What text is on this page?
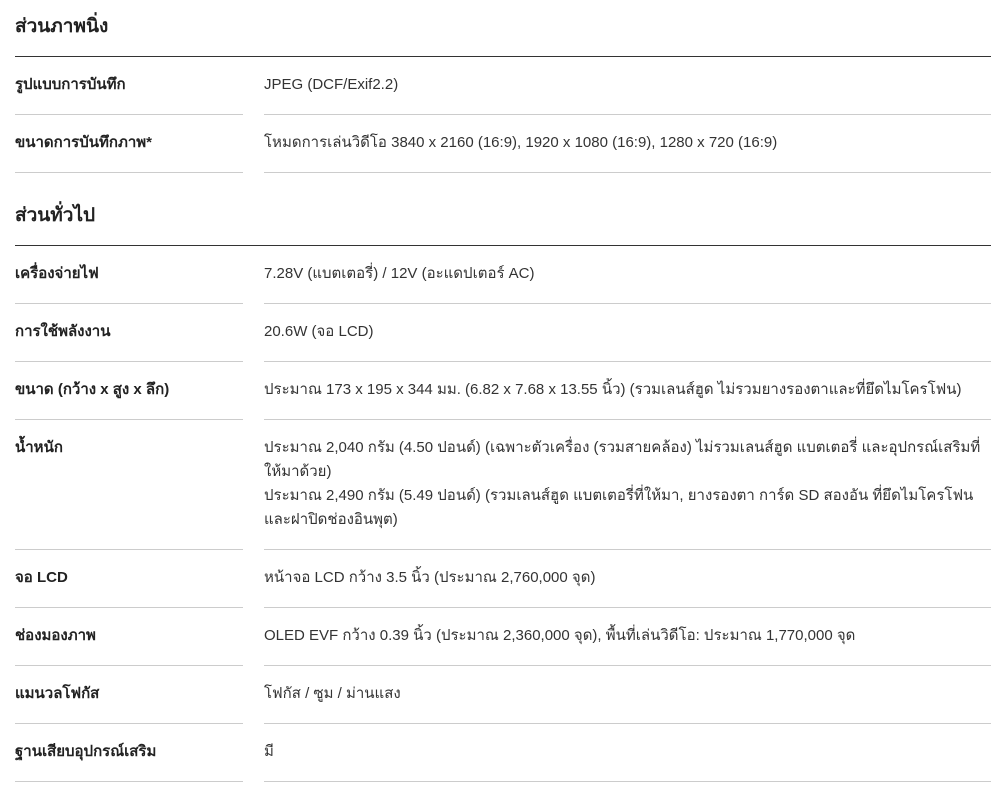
ส่วนภาพนิ่ง
รูปแบบการบันทึก	JPEG (DCF/Exif2.2)
ขนาดการบันทึกภาพ*	โหมดการเล่นวิดีโอ 3840 x 2160 (16:9), 1920 x 1080 (16:9), 1280 x 720 (16:9)
ส่วนทั่วไป
เครื่องจ่ายไฟ	7.28V (แบตเตอรี่) / 12V (อะแดปเตอร์ AC)
การใช้พลังงาน	20.6W (จอ LCD)
ขนาด (กว้าง x สูง x ลึก)	ประมาณ 173 x 195 x 344 มม. (6.82 x 7.68 x 13.55 นิ้ว) (รวมเลนส์ฮูด ไม่รวมยางรองตาและที่ยึดไมโครโฟน)
น้ำหนัก	ประมาณ 2,040 กรัม (4.50 ปอนด์) (เฉพาะตัวเครื่อง (รวมสายคล้อง) ไม่รวมเลนส์ฮูด แบตเตอรี่ และอุปกรณ์เสริมที่ให้มาด้วย)
ประมาณ 2,490 กรัม (5.49 ปอนด์) (รวมเลนส์ฮูด แบตเตอรี่ที่ให้มา, ยางรองตา การ์ด SD สองอัน ที่ยึดไมโครโฟน และฝาปิดช่องอินพุต)
จอ LCD	หน้าจอ LCD กว้าง 3.5 นิ้ว (ประมาณ 2,760,000 จุด)
ช่องมองภาพ	OLED EVF กว้าง 0.39 นิ้ว (ประมาณ 2,360,000 จุด), พื้นที่เล่นวิดีโอ: ประมาณ 1,770,000 จุด
แมนวลโฟกัส	โฟกัส / ซูม / ม่านแสง
ฐานเสียบอุปกรณ์เสริม	มี
